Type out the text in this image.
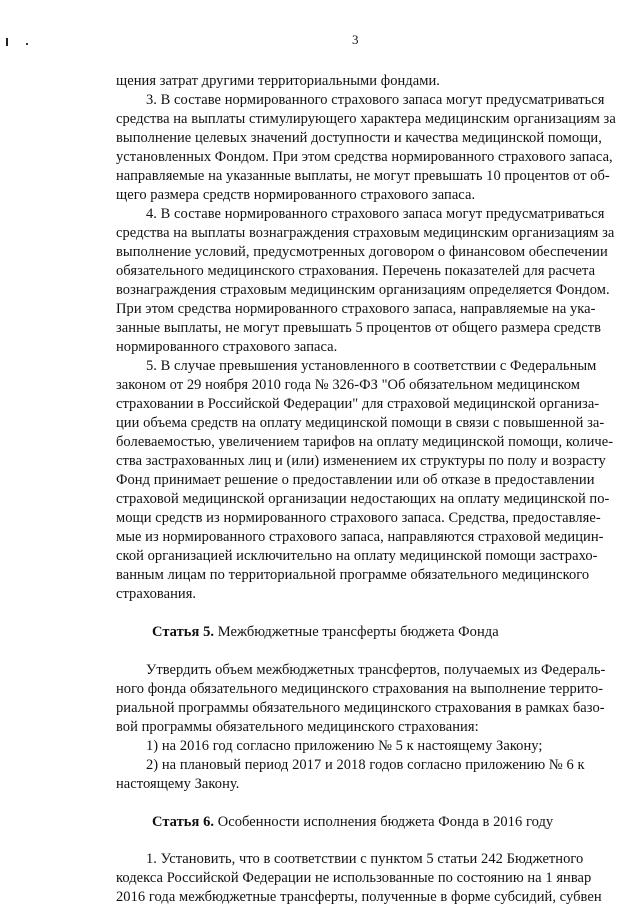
3
щения затрат другими территориальными фондами.
3. В составе нормированного страхового запаса могут предусматриваться
средства на выплаты стимулирующего характера медицинским организациям за
выполнение целевых значений доступности и качества медицинской помощи,
установленных Фондом. При этом средства нормированного страхового запаса,
направляемые на указанные выплаты, не могут превышать 10 процентов от об-
щего размера средств нормированного страхового запаса.
4. В составе нормированного страхового запаса могут предусматриваться
средства на выплаты вознаграждения страховым медицинским организациям за
выполнение условий, предусмотренных договором о финансовом обеспечении
обязательного медицинского страхования. Перечень показателей для расчета
вознаграждения страховым медицинским организациям определяется Фондом.
При этом средства нормированного страхового запаса, направляемые на ука-
занные выплаты, не могут превышать 5 процентов от общего размера средств
нормированного страхового запаса.
5. В случае превышения установленного в соответствии с Федеральным
законом от 29 ноября 2010 года № 326-ФЗ "Об обязательном медицинском
страховании в Российской Федерации" для страховой медицинской организа-
ции объема средств на оплату медицинской помощи в связи с повышенной за-
болеваемостью, увеличением тарифов на оплату медицинской помощи, количе-
ства застрахованных лиц и (или) изменением их структуры по полу и возрасту
Фонд принимает решение о предоставлении или об отказе в предоставлении
страховой медицинской организации недостающих на оплату медицинской по-
мощи средств из нормированного страхового запаса. Средства, предоставляе-
мые из нормированного страхового запаса, направляются страховой медицин-
ской организацией исключительно на оплату медицинской помощи застрахо-
ванным лицам по территориальной программе обязательного медицинского
страхования.
Статья 5. Межбюджетные трансферты бюджета Фонда
Утвердить объем межбюджетных трансфертов, получаемых из Федераль-
ного фонда обязательного медицинского страхования на выполнение террито-
риальной программы обязательного медицинского страхования в рамках базо-
вой программы обязательного медицинского страхования:
1) на 2016 год согласно приложению № 5 к настоящему Закону;
2) на плановый период 2017 и 2018 годов согласно приложению № 6 к
настоящему Закону.
Статья 6. Особенности исполнения бюджета Фонда в 2016 году
1. Установить, что в соответствии с пунктом 5 статьи 242 Бюджетного
кодекса Российской Федерации не использованные по состоянию на 1 январ
2016 года межбюджетные трансферты, полученные в форме субсидий, субвен
